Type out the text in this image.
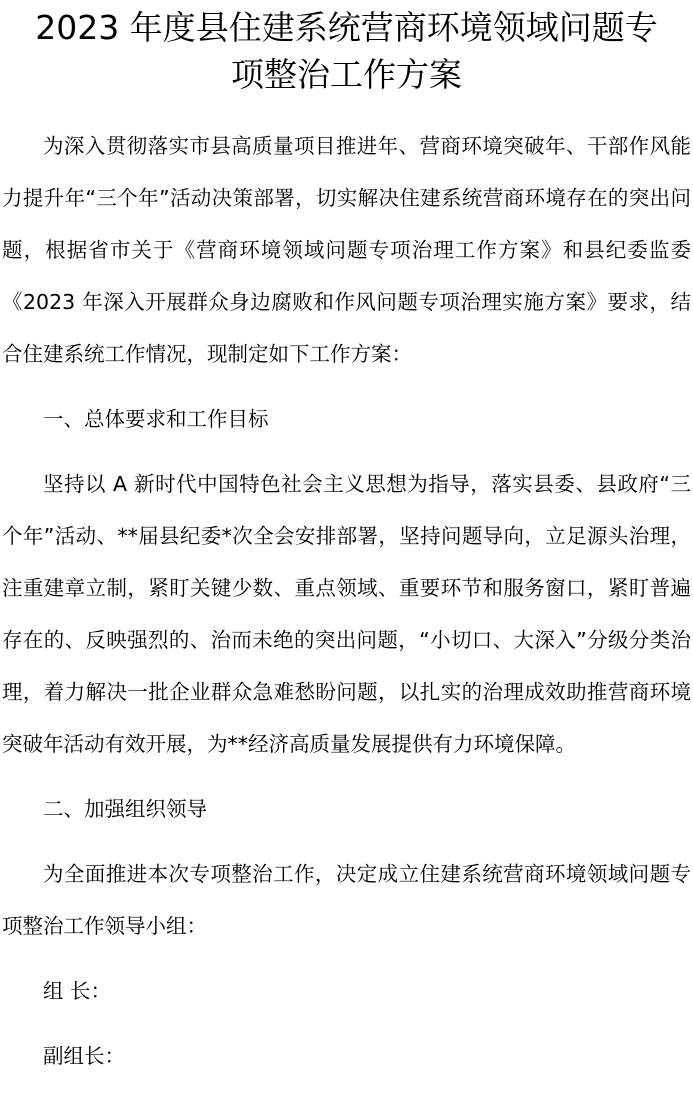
2023 年度县住建系统营商环境领域问题专
项整治工作方案

为深入贯彻落实市县高质量项目推进年、营商环境突破年、干部作风能力提升年“三个年”活动决策部署，切实解决住建系统营商环境存在的突出问题，根据省市关于《营商环境领域问题专项治理工作方案》和县纪委监委《2023 年深入开展群众身边腐败和作风问题专项治理实施方案》要求，结合住建系统工作情况，现制定如下工作方案：

一、总体要求和工作目标

坚持以 A 新时代中国特色社会主义思想为指导，落实县委、县政府“三个年”活动、**届县纪委*次全会安排部署，坚持问题导向，立足源头治理，注重建章立制，紧盯关键少数、重点领域、重要环节和服务窗口，紧盯普遍存在的、反映强烈的、治而未绝的突出问题，“小切口、大深入”分级分类治理，着力解决一批企业群众急难愁盼问题，以扎实的治理成效助推营商环境突破年活动有效开展，为**经济高质量发展提供有力环境保障。

二、加强组织领导

为全面推进本次专项整治工作，决定成立住建系统营商环境领域问题专项整治工作领导小组：

组 长：

副组长：
